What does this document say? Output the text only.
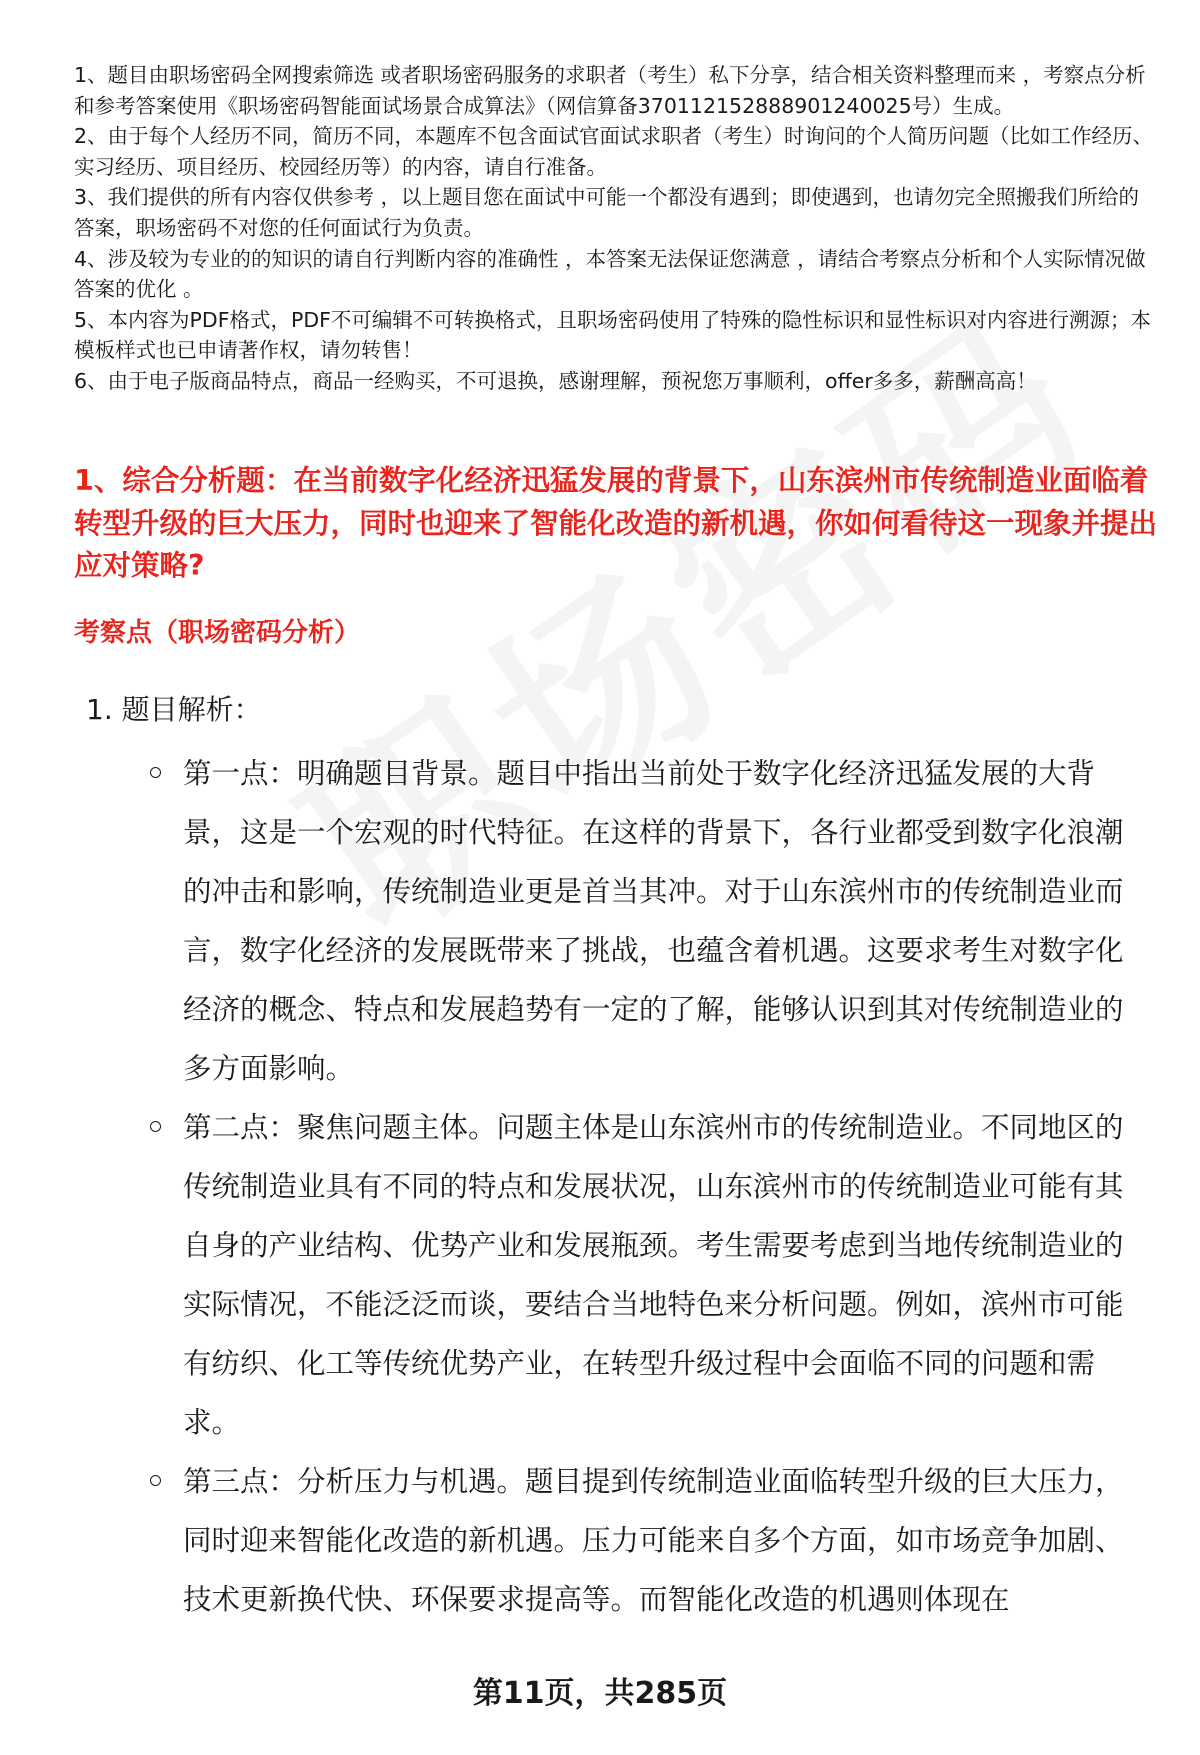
1、题目由职场密码全网搜索筛选 或者职场密码服务的求职者（考生）私下分享，结合相关资料整理而来 ，考察点分析和参考答案使用《职场密码智能面试场景合成算法》（网信算备370112152888901240025号）生成。

2、由于每个人经历不同，简历不同，本题库不包含面试官面试求职者（考生）时询问的个人简历问题（比如工作经历、实习经历、项目经历、校园经历等）的内容，请自行准备。

3、我们提供的所有内容仅供参考 ，以上题目您在面试中可能一个都没有遇到；即使遇到，也请勿完全照搬我们所给的答案，职场密码不对您的任何面试行为负责。

4、涉及较为专业的的知识的请自行判断内容的准确性 ，本答案无法保证您满意 ，请结合考察点分析和个人实际情况做答案的优化 。

5、本内容为PDF格式，PDF不可编辑不可转换格式，且职场密码使用了特殊的隐性标识和显性标识对内容进行溯源；本模板样式也已申请著作权，请勿转售！

6、由于电子版商品特点，商品一经购买，不可退换，感谢理解，预祝您万事顺利，offer多多，薪酬高高！

1、综合分析题：在当前数字化经济迅猛发展的背景下，山东滨州市传统制造业面临着转型升级的巨大压力，同时也迎来了智能化改造的新机遇，你如何看待这一现象并提出应对策略?
考察点（职场密码分析）

1. 题目解析：

第一点：明确题目背景。题目中指出当前处于数字化经济迅猛发展的大背景，这是一个宏观的时代特征。在这样的背景下，各行业都受到数字化浪潮的冲击和影响，传统制造业更是首当其冲。对于山东滨州市的传统制造业而言，数字化经济的发展既带来了挑战，也蕴含着机遇。这要求考生对数字化经济的概念、特点和发展趋势有一定的了解，能够认识到其对传统制造业的多方面影响。

第二点：聚焦问题主体。问题主体是山东滨州市的传统制造业。不同地区的传统制造业具有不同的特点和发展状况，山东滨州市的传统制造业可能有其自身的产业结构、优势产业和发展瓶颈。考生需要考虑到当地传统制造业的实际情况，不能泛泛而谈，要结合当地特色来分析问题。例如，滨州市可能有纺织、化工等传统优势产业，在转型升级过程中会面临不同的问题和需求。

第三点：分析压力与机遇。题目提到传统制造业面临转型升级的巨大压力，同时迎来智能化改造的新机遇。压力可能来自多个方面，如市场竞争加剧、技术更新换代快、环保要求提高等。而智能化改造的机遇则体现在

第11页，共285页
